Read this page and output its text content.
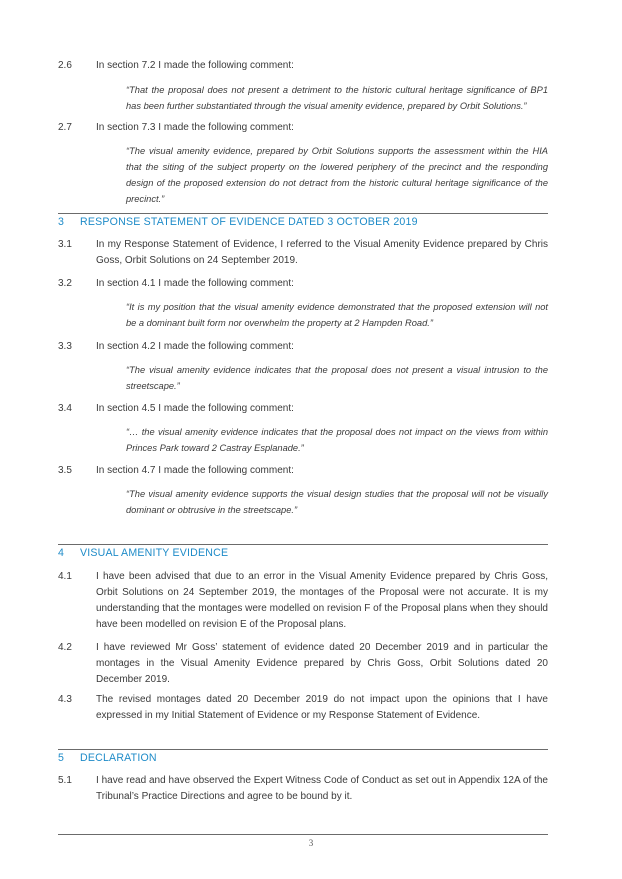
2.6	In section 7.2 I made the following comment:
“That the proposal does not present a detriment to the historic cultural heritage significance of BP1 has been further substantiated through the visual amenity evidence, prepared by Orbit Solutions.”
2.7	In section 7.3 I made the following comment:
“The visual amenity evidence, prepared by Orbit Solutions supports the assessment within the HIA that the siting of the subject property on the lowered periphery of the precinct and the responding design of the proposed extension do not detract from the historic cultural heritage significance of the precinct.”
3 RESPONSE STATEMENT OF EVIDENCE DATED 3 OCTOBER 2019
3.1	In my Response Statement of Evidence, I referred to the Visual Amenity Evidence prepared by Chris Goss, Orbit Solutions on 24 September 2019.
3.2	In section 4.1 I made the following comment:
“It is my position that the visual amenity evidence demonstrated that the proposed extension will not be a dominant built form nor overwhelm the property at 2 Hampden Road.”
3.3	In section 4.2 I made the following comment:
“The visual amenity evidence indicates that the proposal does not present a visual intrusion to the streetscape.”
3.4	In section 4.5 I made the following comment:
“… the visual amenity evidence indicates that the proposal does not impact on the views from within Princes Park toward 2 Castray Esplanade.”
3.5	In section 4.7 I made the following comment:
“The visual amenity evidence supports the visual design studies that the proposal will not be visually dominant or obtrusive in the streetscape.”
4 VISUAL AMENITY EVIDENCE
4.1	I have been advised that due to an error in the Visual Amenity Evidence prepared by Chris Goss, Orbit Solutions on 24 September 2019, the montages of the Proposal were not accurate. It is my understanding that the montages were modelled on revision F of the Proposal plans when they should have been modelled on revision E of the Proposal plans.
4.2	I have reviewed Mr Goss’ statement of evidence dated 20 December 2019 and in particular the montages in the Visual Amenity Evidence prepared by Chris Goss, Orbit Solutions dated 20 December 2019.
4.3	The revised montages dated 20 December 2019 do not impact upon the opinions that I have expressed in my Initial Statement of Evidence or my Response Statement of Evidence.
5 DECLARATION
5.1	I have read and have observed the Expert Witness Code of Conduct as set out in Appendix 12A of the Tribunal’s Practice Directions and agree to be bound by it.
3
